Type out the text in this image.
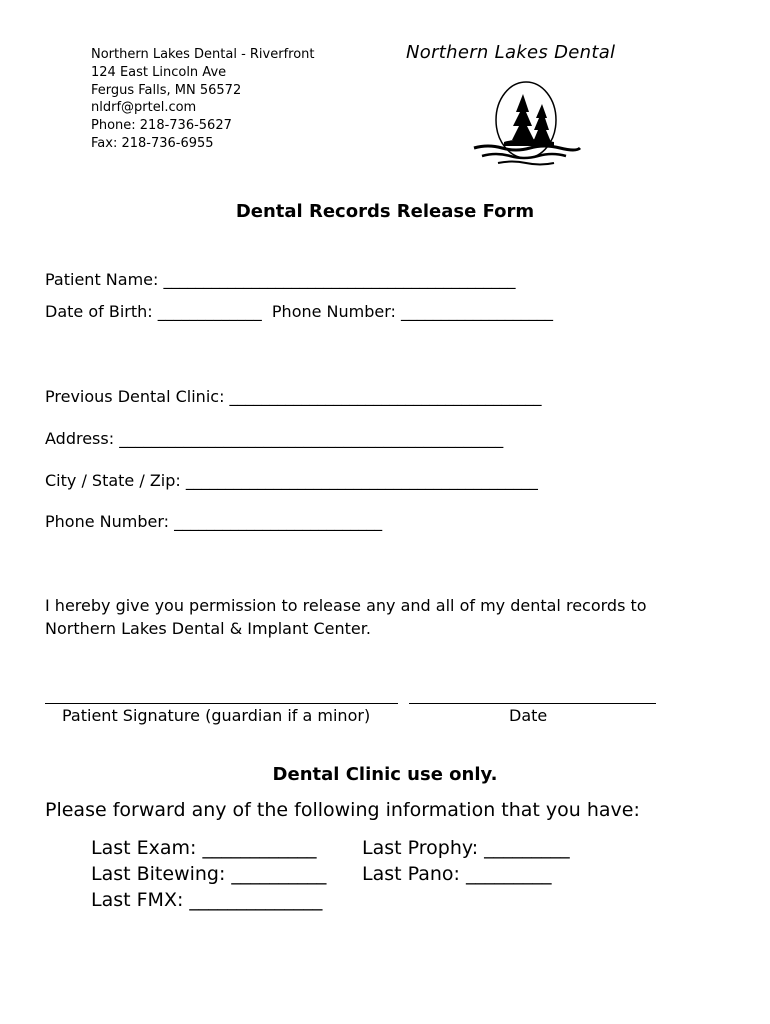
Northern Lakes Dental - Riverfront
124 East Lincoln Ave
Fergus Falls, MN 56572
nldrf@prtel.com
Phone: 218-736-5627
Fax: 218-736-6955
Northern Lakes Dental
Dental Records Release Form
Patient Name: ____________________________________________
Date of Birth: _____________  Phone Number: ___________________
Previous Dental Clinic: _______________________________________
Address: ________________________________________________
City / State / Zip: ____________________________________________
Phone Number: __________________________
I hereby give you permission to release any and all of my dental records to
Northern Lakes Dental & Implant Center.
Patient Signature (guardian if a minor)	Date
Dental Clinic use only.
Please forward any of the following information that you have:
Last Exam: ____________ Last Prophy: _________
Last Bitewing: __________ Last Pano: _________
Last FMX: ______________
